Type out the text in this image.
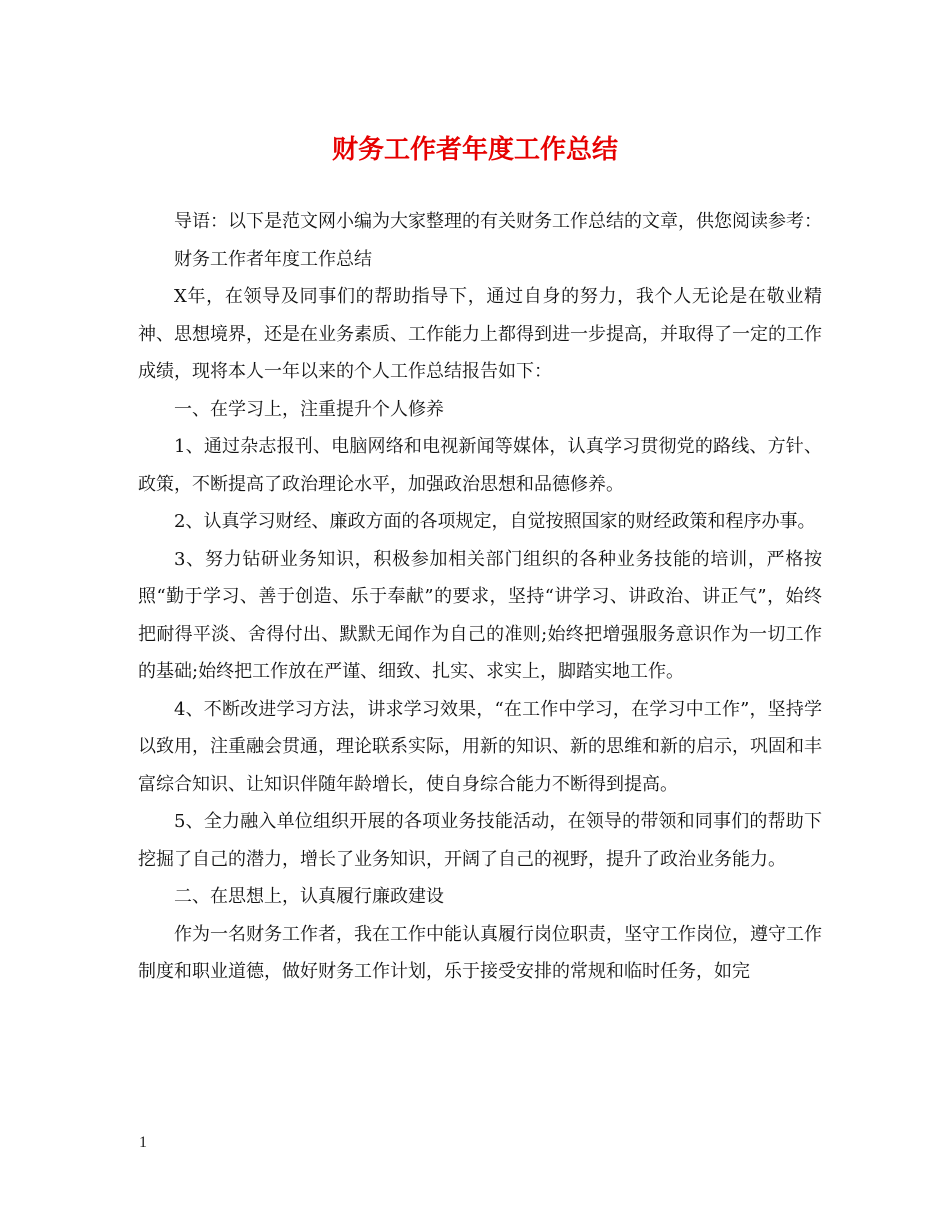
财务工作者年度工作总结

导语：以下是范文网小编为大家整理的有关财务工作总结的文章，供您阅读参考：

财务工作者年度工作总结

X年，在领导及同事们的帮助指导下，通过自身的努力，我个人无论是在敬业精神、思想境界，还是在业务素质、工作能力上都得到进一步提高，并取得了一定的工作成绩，现将本人一年以来的个人工作总结报告如下：

一、在学习上，注重提升个人修养

1、通过杂志报刊、电脑网络和电视新闻等媒体，认真学习贯彻党的路线、方针、政策，不断提高了政治理论水平，加强政治思想和品德修养。

2、认真学习财经、廉政方面的各项规定，自觉按照国家的财经政策和程序办事。

3、努力钻研业务知识，积极参加相关部门组织的各种业务技能的培训，严格按照“勤于学习、善于创造、乐于奉献”的要求，坚持“讲学习、讲政治、讲正气”，始终把耐得平淡、舍得付出、默默无闻作为自己的准则;始终把增强服务意识作为一切工作的基础;始终把工作放在严谨、细致、扎实、求实上，脚踏实地工作。

4、不断改进学习方法，讲求学习效果，“在工作中学习，在学习中工作”，坚持学以致用，注重融会贯通，理论联系实际，用新的知识、新的思维和新的启示，巩固和丰富综合知识、让知识伴随年龄增长，使自身综合能力不断得到提高。

5、全力融入单位组织开展的各项业务技能活动，在领导的带领和同事们的帮助下挖掘了自己的潜力，增长了业务知识，开阔了自己的视野，提升了政治业务能力。

二、在思想上，认真履行廉政建设

作为一名财务工作者，我在工作中能认真履行岗位职责，坚守工作岗位，遵守工作制度和职业道德，做好财务工作计划，乐于接受安排的常规和临时任务，如完

1
